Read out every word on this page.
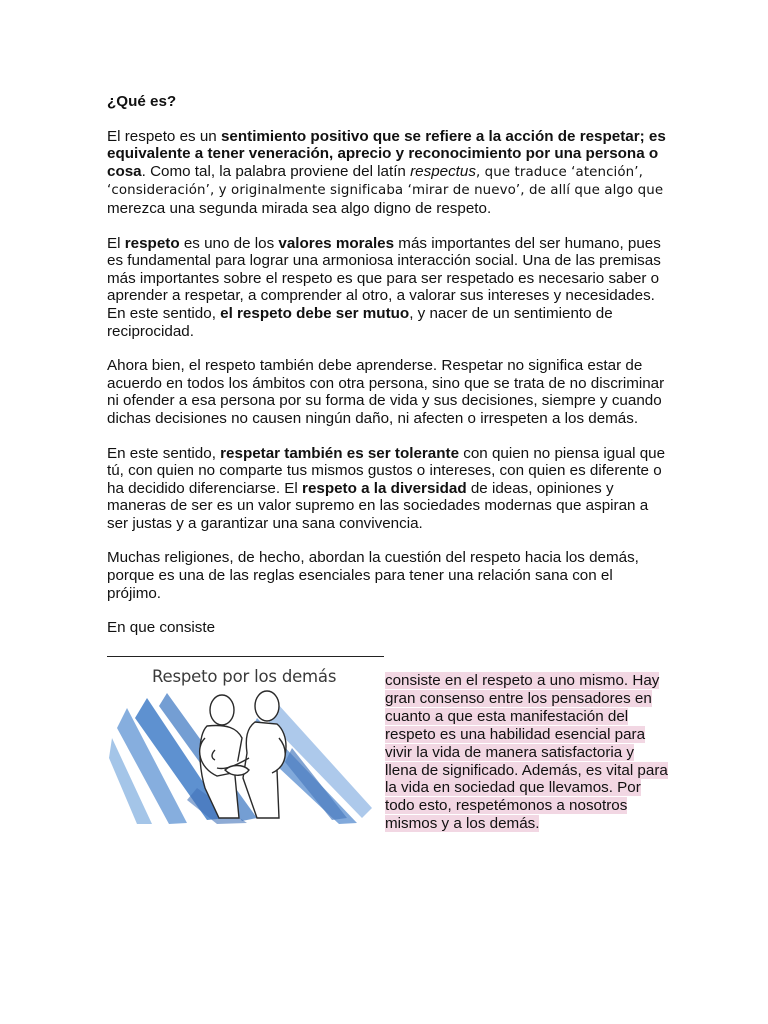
¿Qué es?

El respeto es un sentimiento positivo que se refiere a la acción de respetar; es equivalente a tener veneración, aprecio y reconocimiento por una persona o cosa. Como tal, la palabra proviene del latín respectus, que traduce ‘atención’, ‘consideración’, y originalmente significaba ‘mirar de nuevo’, de allí que algo que merezca una segunda mirada sea algo digno de respeto.

El respeto es uno de los valores morales más importantes del ser humano, pues es fundamental para lograr una armoniosa interacción social. Una de las premisas más importantes sobre el respeto es que para ser respetado es necesario saber o aprender a respetar, a comprender al otro, a valorar sus intereses y necesidades. En este sentido, el respeto debe ser mutuo, y nacer de un sentimiento de reciprocidad.

Ahora bien, el respeto también debe aprenderse. Respetar no significa estar de acuerdo en todos los ámbitos con otra persona, sino que se trata de no discriminar ni ofender a esa persona por su forma de vida y sus decisiones, siempre y cuando dichas decisiones no causen ningún daño, ni afecten o irrespeten a los demás.

En este sentido, respetar también es ser tolerante con quien no piensa igual que tú, con quien no comparte tus mismos gustos o intereses, con quien es diferente o ha decidido diferenciarse. El respeto a la diversidad de ideas, opiniones y maneras de ser es un valor supremo en las sociedades modernas que aspiran a ser justas y a garantizar una sana convivencia.

Muchas religiones, de hecho, abordan la cuestión del respeto hacia los demás, porque es una de las reglas esenciales para tener una relación sana con el prójimo.

En que consiste

Respeto por los demás	consiste en el respeto a uno mismo. Hay gran consenso entre los pensadores en cuanto a que esta manifestación del respeto es una habilidad esencial para vivir la vida de manera satisfactoria y llena de significado. Además, es vital para la vida en sociedad que llevamos. Por todo esto, respetémonos a nosotros mismos y a los demás.
